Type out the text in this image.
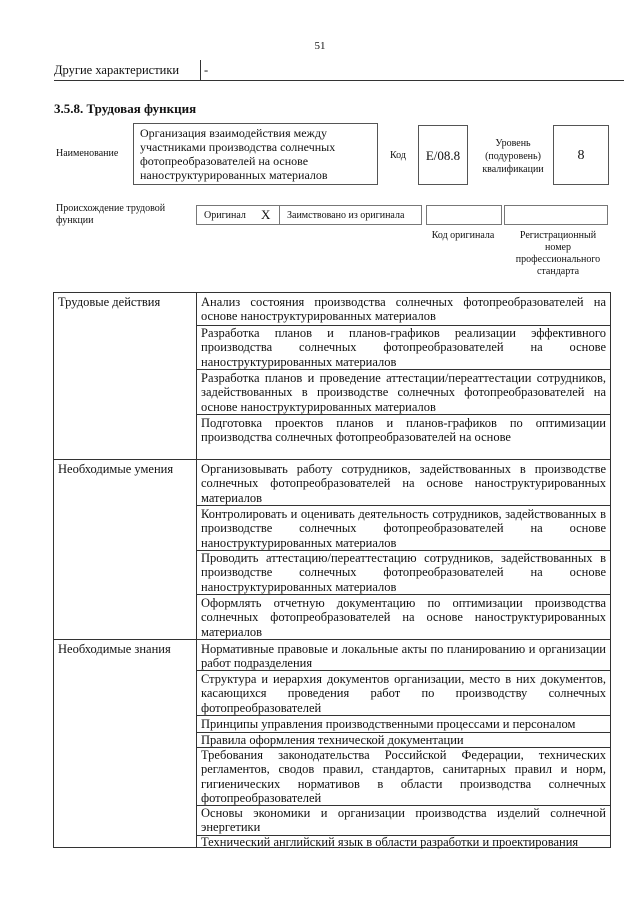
51
Другие характеристики	-
3.5.8. Трудовая функция
Наименование
Организация взаимодействия между участниками производства солнечных фотопреобразователей на основе наноструктурированных материалов
Код	E/08.8
Уровень (подуровень) квалификации
8
Происхождение трудовой функции	Оригинал X Заимствовано из оригинала
Код оригинала	Регистрационный номер профессионального стандарта
Трудовые действия	Анализ состояния производства солнечных фотопреобразователей на основе наноструктурированных материалов
Разработка планов и планов-графиков реализации эффективного производства солнечных фотопреобразователей на основе наноструктурированных материалов
Разработка планов и проведение аттестации/переаттестации сотрудников, задействованных в производстве солнечных фотопреобразователей на основе наноструктурированных материалов
Подготовка проектов планов и планов-графиков по оптимизации производства солнечных фотопреобразователей на основе
Необходимые умения Организовывать работу сотрудников, задействованных в производстве солнечных фотопреобразователей на основе наноструктурированных материалов
Контролировать и оценивать деятельность сотрудников, задействованных в производстве солнечных фотопреобразователей на основе наноструктурированных материалов
Проводить аттестацию/переаттестацию сотрудников, задействованных в производстве солнечных фотопреобразователей на основе наноструктурированных материалов
Оформлять отчетную документацию по оптимизации производства солнечных фотопреобразователей на основе наноструктурированных материалов
Необходимые знания Нормативные правовые и локальные акты по планированию и организации работ подразделения
Структура и иерархия документов организации, место в них документов, касающихся проведения работ по производству солнечных фотопреобразователей
Принципы управления производственными процессами и персоналом
Правила оформления технической документации
Требования законодательства Российской Федерации, технических регламентов, сводов правил, стандартов, санитарных правил и норм, гигиенических нормативов в области производства солнечных фотопреобразователей
Основы экономики и организации производства изделий солнечной энергетики
Технический английский язык в области разработки и проектирования
